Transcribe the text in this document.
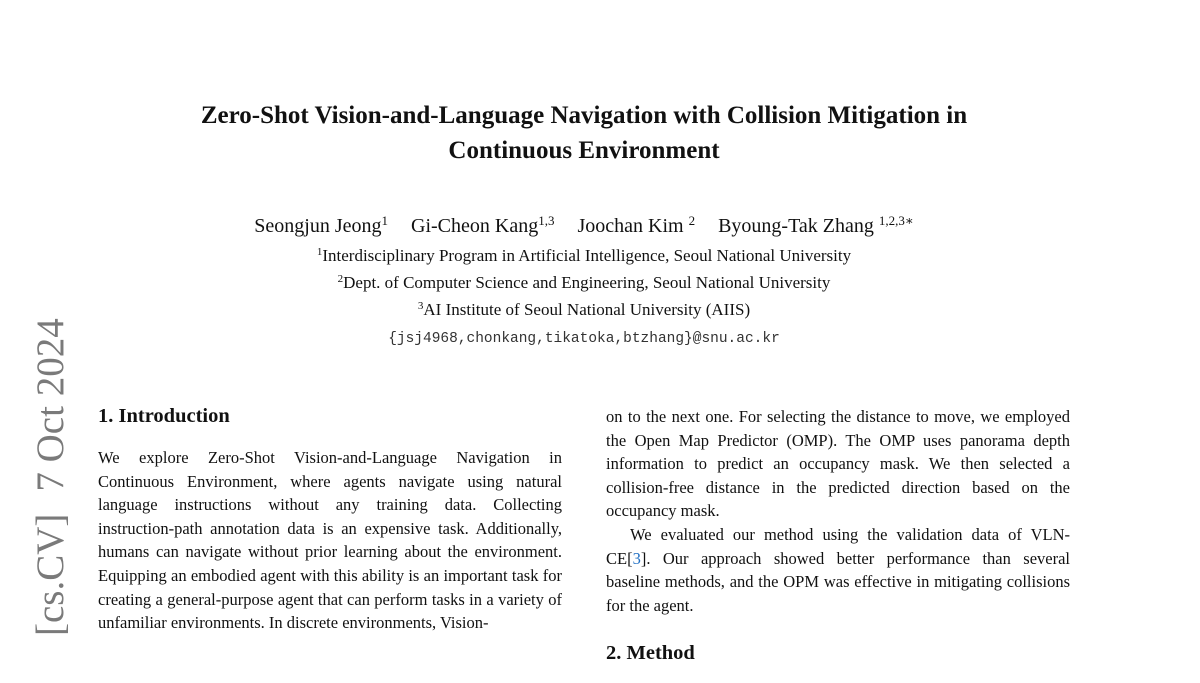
[cs.CV]7 Oct 2024
Zero-Shot Vision-and-Language Navigation with Collision Mitigation in
Continuous Environment
Seongjun Jeong$^1$ Gi-Cheon Kang$^{1,3}$ Joochan Kim $^2$ Byoung-Tak Zhang $^{1,2,3∗}$
$^1$Interdisciplinary Program in Artificial Intelligence, Seoul National University
$^2$Dept. of Computer Science and Engineering, Seoul National University
$^3$AI Institute of Seoul National University (AIIS)
{jsj4968,chonkang,tikatoka,btzhang}@snu.ac.kr
1. Introduction

We explore Zero-Shot Vision-and-Language Navigation in Continuous Environment, where agents navigate using natural language instructions without any training data. Collecting instruction-path annotation data is an expensive task. Additionally, humans can navigate without prior learning about the environment. Equipping an embodied agent with this ability is an important task for creating a general-purpose agent that can perform tasks in a variety of unfamiliar environments. In discrete environments, Vision-

on to the next one. For selecting the distance to move, we employed the Open Map Predictor (OMP). The OMP uses panorama depth information to predict an occupancy mask. We then selected a collision-free distance in the predicted direction based on the occupancy mask.

We evaluated our method using the validation data of VLN-CE[3]. Our approach showed better performance than several baseline methods, and the OPM was effective in mitigating collisions for the agent.

2. Method
